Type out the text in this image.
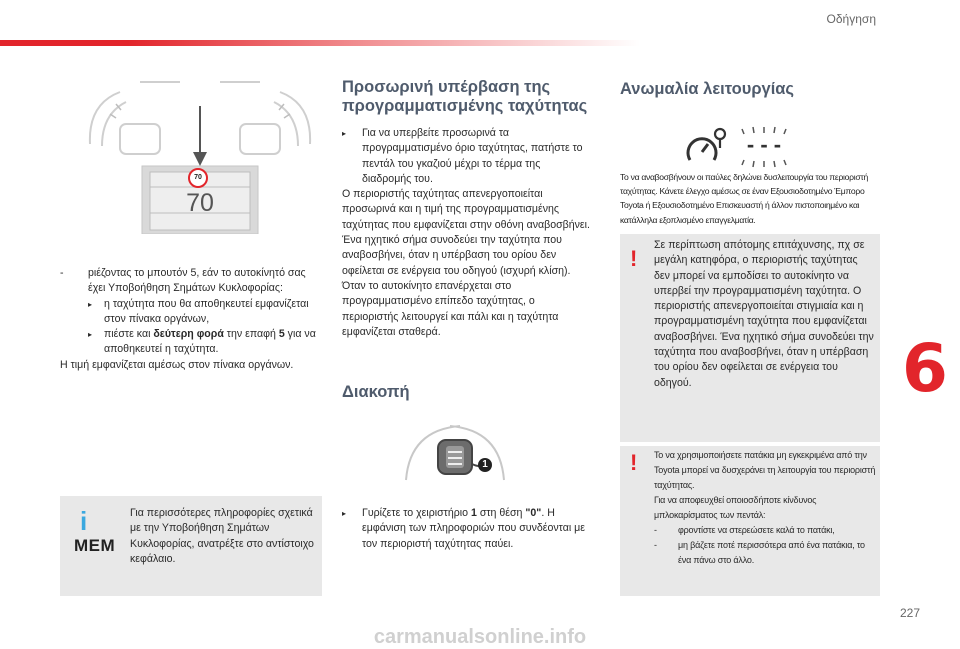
Οδήγηση
70
70
-	pιέζοντας το μπουτόν 5, εάν το αυτοκίνητό σας έχει Υποβοήθηση Σημάτων Κυκλοφορίας:
▸	η ταχύτητα που θα αποθηκευτεί εμφανίζεται στον πίνακα οργάνων,
▸	πιέστε και δεύτερη φορά την επαφή 5 για να αποθηκευτεί η ταχύτητα.

Η τιμή εμφανίζεται αμέσως στον πίνακα οργάνων.

i
MEM
Για περισσότερες πληροφορίες σχετικά με την Υποβοήθηση Σημάτων Κυκλοφορίας, ανατρέξτε στο αντίστοιχο κεφάλαιο.
Προσωρινή υπέρβαση της προγραμματισμένης ταχύτητας
▸	Για να υπερβείτε προσωρινά τα προγραμματισμένο όριο ταχύτητας, πατήστε το πεντάλ του γκαζιού μέχρι το τέρμα της διαδρομής του.

Ο περιοριστής ταχύτητας απενεργοποιείται προσωρινά και η τιμή της προγραμματισμένης ταχύτητας που εμφανίζεται στην οθόνη αναβοσβήνει.

Ένα ηχητικό σήμα συνοδεύει την ταχύτητα που αναβοσβήνει, όταν η υπέρβαση του ορίου δεν οφείλεται σε ενέργεια του οδηγού (ισχυρή κλίση).

Όταν το αυτοκίνητο επανέρχεται στο προγραμματισμένο επίπεδο ταχύτητας, ο περιοριστής λειτουργεί και πάλι και η ταχύτητα εμφανίζεται σταθερά.

Διακοπή
1
▸	Γυρίζετε το χειριστήριο 1 στη θέση "0". Η εμφάνιση των πληροφοριών που συνδέονται με τον περιοριστή ταχύτητας παύει.
Ανωμαλία λειτουργίας
- - -
Το να αναβοσβήνουν οι παύλες δηλώνει δυσλειτουργία του περιοριστή ταχύτητας. Κάνετε έλεγχο αμέσως σε έναν Εξουσιοδοτημένο Έμπορο Toyota ή Εξουσιοδοτημένο Επισκευαστή ή άλλον πιστοποιημένο και κατάλληλα εξοπλισμένο επαγγελματία.
!
Σε περίπτωση απότομης επιτάχυνσης, πχ σε μεγάλη κατηφόρα, ο περιοριστής ταχύτητας δεν μπορεί να εμποδίσει το αυτοκίνητο να υπερβεί την προγραμματισμένη ταχύτητα. Ο περιοριστής απενεργοποιείται στιγμιαία και η προγραμματισμένη ταχύτητα που εμφανίζεται αναβοσβήνει. Ένα ηχητικό σήμα συνοδεύει την ταχύτητα που αναβοσβήνει, όταν η υπέρβαση του ορίου δεν οφείλεται σε ενέργεια του οδηγού.
! Το να χρησιμοποιήσετε πατάκια μη εγκεκριμένα από την Toyota μπορεί να δυσχεράνει τη λειτουργία του περιοριστή ταχύτητας.
Για να αποφευχθεί οποιοσδήποτε κίνδυνος μπλοκαρίσματος των πεντάλ:
-	φροντίστε να στερεώσετε καλά το πατάκι,
-	μη βάζετε ποτέ περισσότερα από ένα πατάκια, το ένα πάνω στο άλλο.
6
227
carmanualsonline.info
